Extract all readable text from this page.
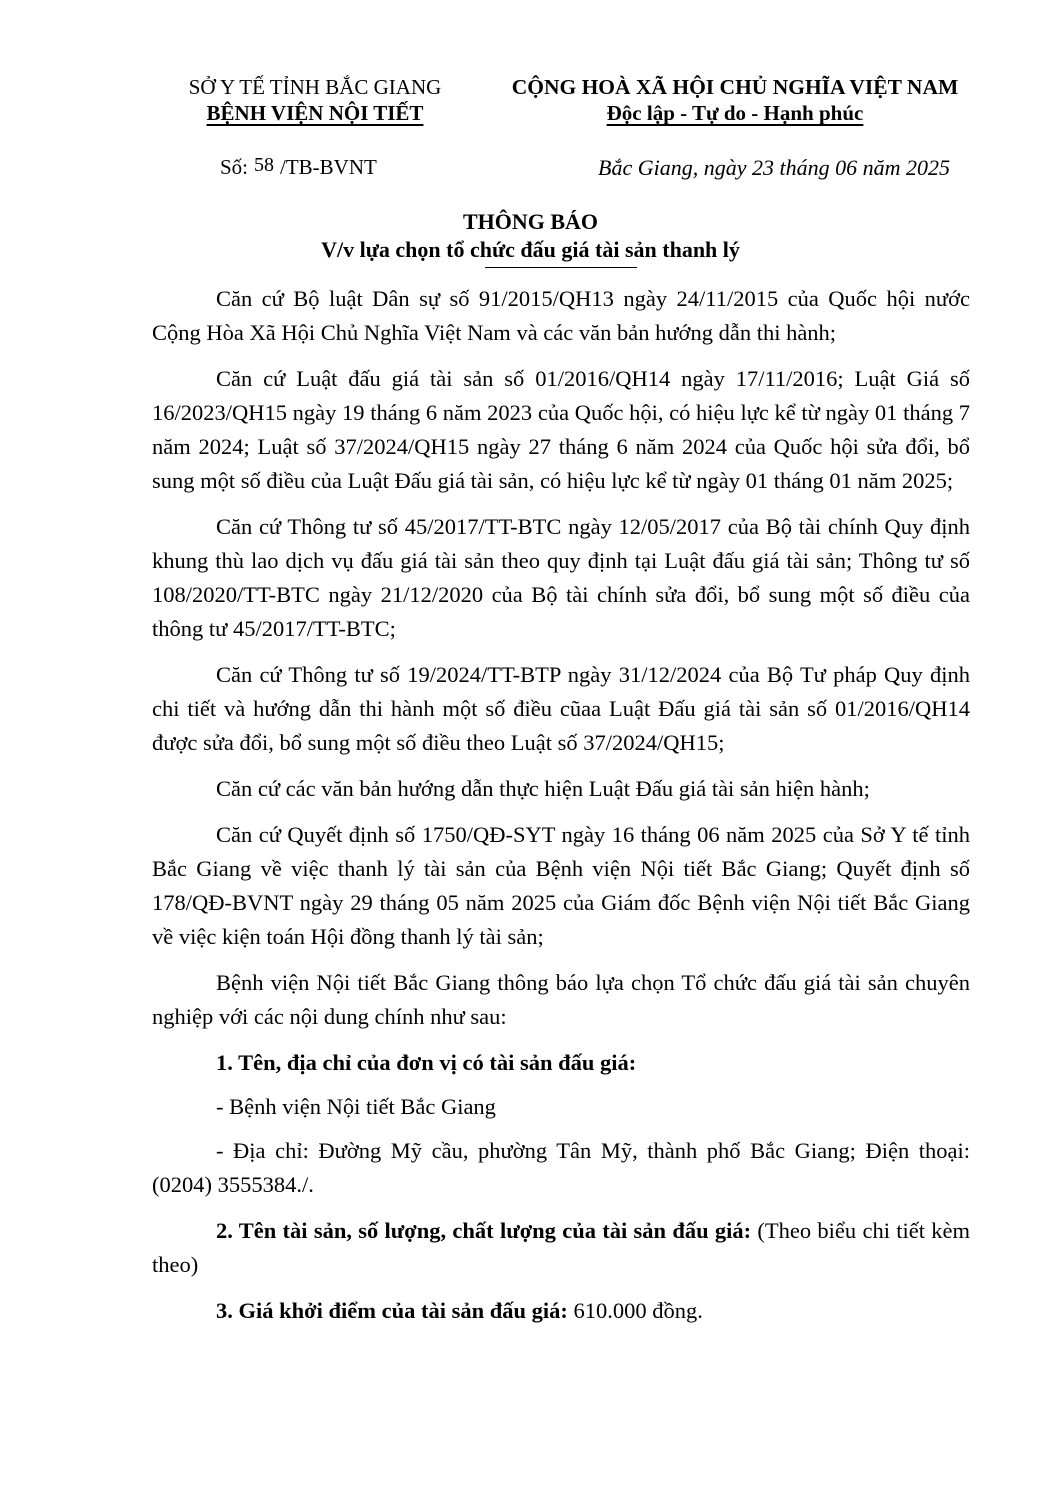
SỞ Y TẾ TỈNH BẮC GIANG
BỆNH VIỆN NỘI TIẾT
CỘNG HOÀ XÃ HỘI CHỦ NGHĨA VIỆT NAM
Độc lập - Tự do - Hạnh phúc
Số: 58 /TB-BVNT	Bắc Giang, ngày 23 tháng 06 năm 2025
THÔNG BÁO
V/v lựa chọn tổ chức đấu giá tài sản thanh lý

Căn cứ Bộ luật Dân sự số 91/2015/QH13 ngày 24/11/2015 của Quốc hội nước Cộng Hòa Xã Hội Chủ Nghĩa Việt Nam và các văn bản hướng dẫn thi hành;

Căn cứ Luật đấu giá tài sản số 01/2016/QH14 ngày 17/11/2016; Luật Giá số 16/2023/QH15 ngày 19 tháng 6 năm 2023 của Quốc hội, có hiệu lực kể từ ngày 01 tháng 7 năm 2024; Luật số 37/2024/QH15 ngày 27 tháng 6 năm 2024 của Quốc hội sửa đổi, bổ sung một số điều của Luật Đấu giá tài sản, có hiệu lực kể từ ngày 01 tháng 01 năm 2025;

Căn cứ Thông tư số 45/2017/TT-BTC ngày 12/05/2017 của Bộ tài chính Quy định khung thù lao dịch vụ đấu giá tài sản theo quy định tại Luật đấu giá tài sản; Thông tư số 108/2020/TT-BTC ngày 21/12/2020 của Bộ tài chính sửa đổi, bổ sung một số điều của thông tư 45/2017/TT-BTC;

Căn cứ Thông tư số 19/2024/TT-BTP ngày 31/12/2024 của Bộ Tư pháp Quy định chi tiết và hướng dẫn thi hành một số điều cũaa Luật Đấu giá tài sản số 01/2016/QH14 được sửa đổi, bổ sung một số điều theo Luật số 37/2024/QH15;

Căn cứ các văn bản hướng dẫn thực hiện Luật Đấu giá tài sản hiện hành;

Căn cứ Quyết định số 1750/QĐ-SYT ngày 16 tháng 06 năm 2025 của Sở Y tế tỉnh Bắc Giang về việc thanh lý tài sản của Bệnh viện Nội tiết Bắc Giang; Quyết định số 178/QĐ-BVNT ngày 29 tháng 05 năm 2025 của Giám đốc Bệnh viện Nội tiết Bắc Giang về việc kiện toán Hội đồng thanh lý tài sản;

Bệnh viện Nội tiết Bắc Giang thông báo lựa chọn Tổ chức đấu giá tài sản chuyên nghiệp với các nội dung chính như sau:

1. Tên, địa chỉ của đơn vị có tài sản đấu giá:

- Bệnh viện Nội tiết Bắc Giang

- Địa chỉ: Đường Mỹ cầu, phường Tân Mỹ, thành phố Bắc Giang; Điện thoại: (0204) 3555384./.

2. Tên tài sản, số lượng, chất lượng của tài sản đấu giá: (Theo biểu chi tiết kèm theo)

3. Giá khởi điểm của tài sản đấu giá: 610.000 đồng.
